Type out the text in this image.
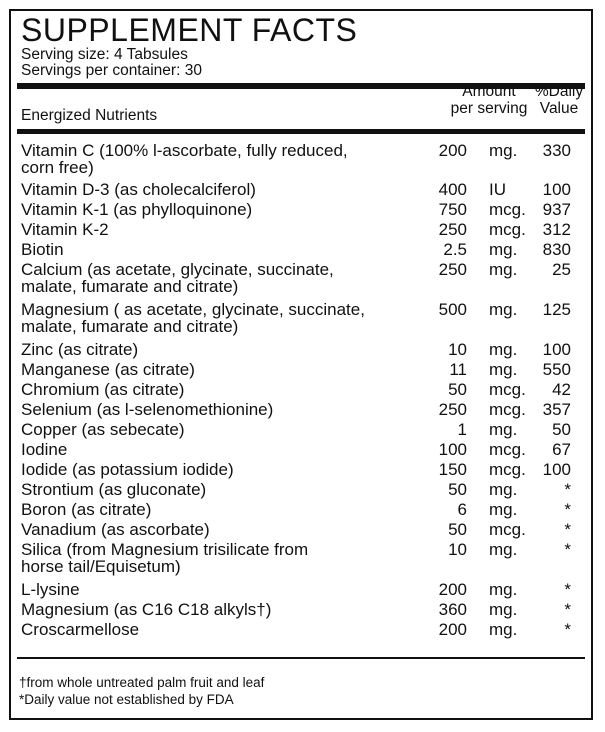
SUPPLEMENT FACTS
Serving size: 4 Tabsules
Servings per container: 30
Energized Nutrients
Amount
per serving
%Daily
Value
Vitamin C (100% l-ascorbate, fully reduced,
corn free)
200 mg. 330
Vitamin D-3 (as cholecalciferol)	400 IU 100
Vitamin K-1 (as phylloquinone)	750 mcg. 937
Vitamin K-2	250 mcg. 312
Biotin	2.5 mg. 830
Calcium (as acetate, glycinate, succinate,
malate, fumarate and citrate)
250 mg. 25
Magnesium ( as acetate, glycinate, succinate,
malate, fumarate and citrate)
500 mg. 125
Zinc (as citrate)	10 mg. 100
Manganese (as citrate)	11 mg. 550
Chromium (as citrate)	50 mcg. 42
Selenium (as l-selenomethionine)	250 mcg. 357
Copper (as sebecate)	1 mg. 50
Iodine	100 mcg. 67
Iodide (as potassium iodide)	150 mcg. 100
Strontium (as gluconate)	50 mg.	*
Boron (as citrate)	6 mg.	*
Vanadium (as ascorbate)	50 mcg. *
Silica (from Magnesium trisilicate from
horse tail/Equisetum)
10 mg.	*
L-lysine	200 mg.	*
Magnesium (as C16 C18 alkyls†)	360 mg.	*
Croscarmellose	200 mg.	*
†from whole untreated palm fruit and leaf
*Daily value not established by FDA
